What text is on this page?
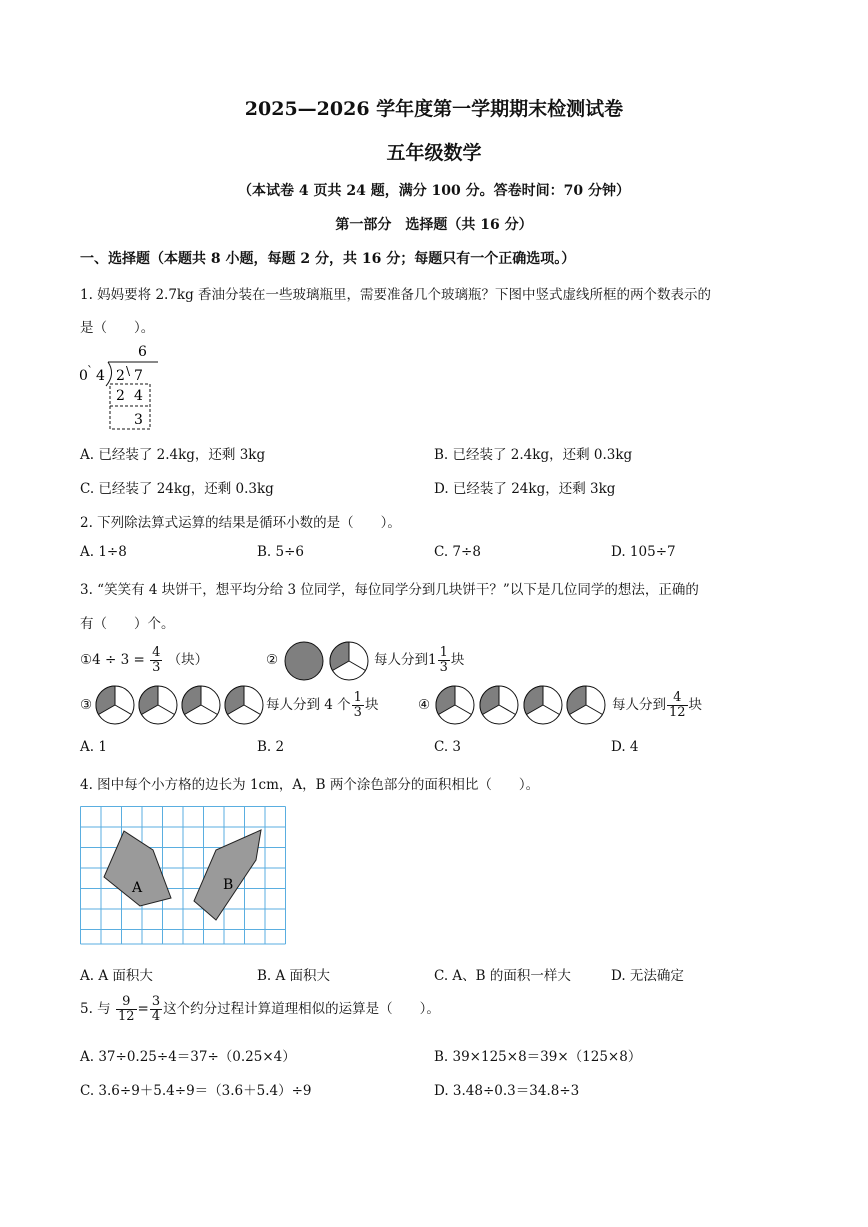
2025—2026 学年度第一学期期末检测试卷
五年级数学
（本试卷 4 页共 24 题，满分 100 分。答卷时间：70 分钟）
第一部分　选择题（共 16 分）
一、选择题（本题共 8 小题，每题 2 分，共 16 分；每题只有一个正确选项。）
1. 妈妈要将 2.7kg 香油分装在一些玻璃瓶里，需要准备几个玻璃瓶？下图中竖式虚线所框的两个数表示的
是（　　）。
6
0 ` 4 2 \ 7
2 4
3
A. 已经装了 2.4kg，还剩 3kg	B. 已经装了 2.4kg，还剩 0.3kg
C. 已经装了 24kg，还剩 0.3kg	D. 已经装了 24kg，还剩 3kg
2. 下列除法算式运算的结果是循环小数的是（　　）。
A. 1÷8	B. 5÷6	C. 7÷8	D. 105÷7
3. “笑笑有 4 块饼干，想平均分给 3 位同学，每位同学分到几块饼干？”以下是几位同学的想法，正确的
有（　　）个。
①4 ÷ $3 = \frac{4}{3}$ （块）	②	每人分到$1 \frac{1}{3}$ 块
③	每人分到 4 个 $\frac{1}{3}$ 块	④	每人分到 $\frac{4}{12}$ 块
A. 1	B. 2	C. 3	D. 4
4. 图中每个小方格的边长为 1cm，A，B 两个涂色部分的面积相比（　　）。
A	B
A. A 面积大	B. A 面积大	C. A、B 的面积一样大	D. 无法确定
5. 与 $\frac{9}{12} = \frac{3}{4}$ 这个约分过程计算道理相似的运算是（　　）。
A. 37÷0.25÷4＝37÷（0.25×4）	B. 39×125×8＝39×（125×8）
C. 3.6÷9＋5.4÷9＝（3.6＋5.4）÷9	D. 3.48÷0.3＝34.8÷3
